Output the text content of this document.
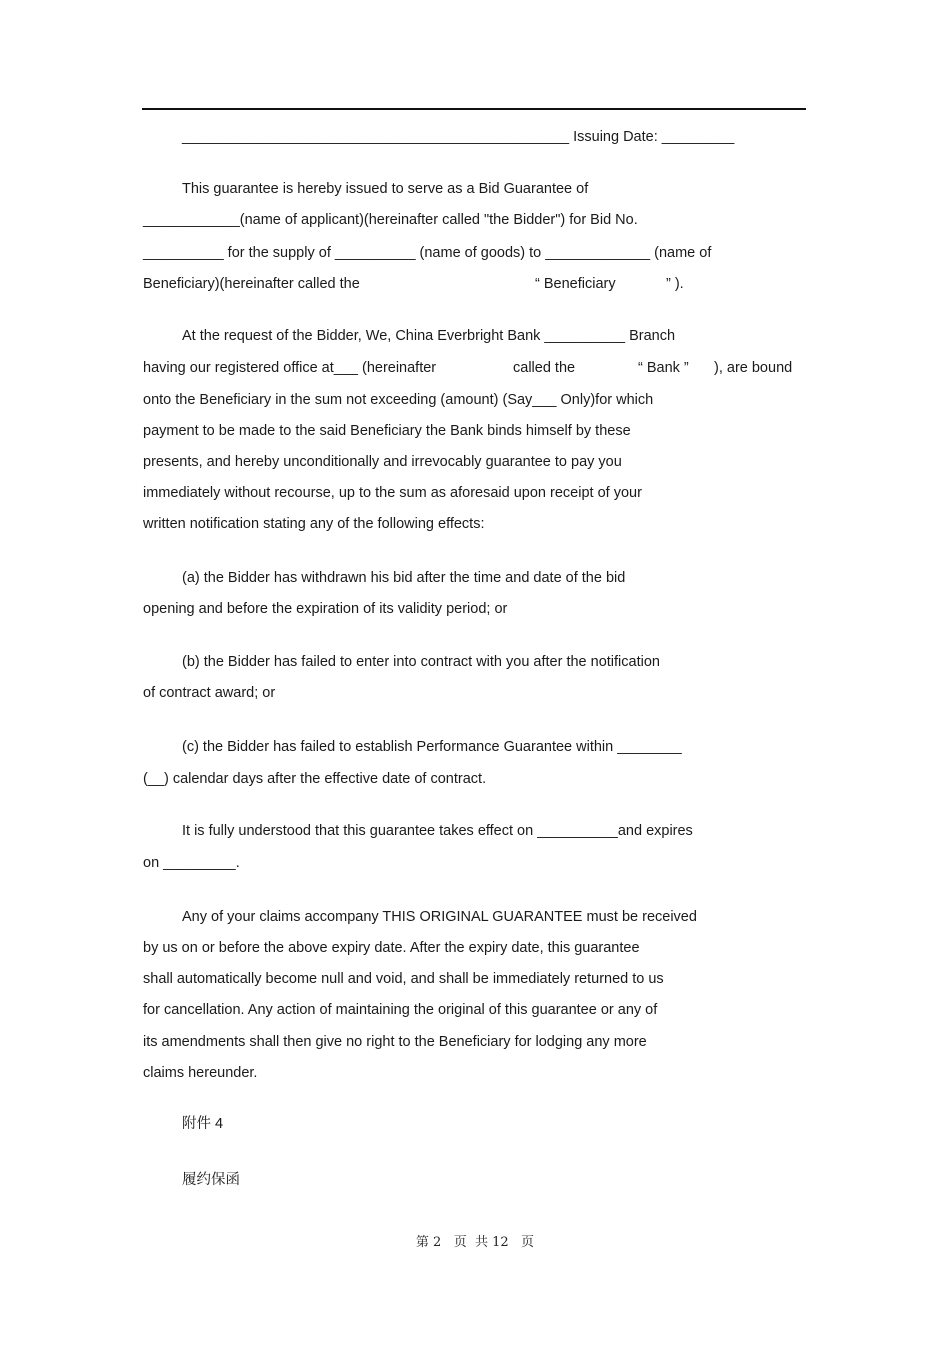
________________________________________________ Issuing Date: _________
This guarantee is hereby issued to serve as a Bid Guarantee of
____________(name of applicant)(hereinafter called "the Bidder") for Bid No.
__________ for the supply of __________ (name of goods) to _____________ (name of
Beneficiary)(hereinafter called the	“ Beneficiary	” ).
At the request of the Bidder, We, China Everbright Bank __________ Branch
having our registered office at___ (hereinafter	called the	“ Bank ” ), are bound
onto the Beneficiary in the sum not exceeding (amount) (Say___ Only)for which
payment to be made to the said Beneficiary the Bank binds himself by these
presents, and hereby unconditionally and irrevocably guarantee to pay you
immediately without recourse, up to the sum as aforesaid upon receipt of your
written notification stating any of the following effects:
(a) the Bidder has withdrawn his bid after the time and date of the bid
opening and before the expiration of its validity period; or
(b) the Bidder has failed to enter into contract with you after the notification
of contract award; or
(c) the Bidder has failed to establish Performance Guarantee within ________
(__) calendar days after the effective date of contract.
It is fully understood that this guarantee takes effect on __________and expires
on _________.
Any of your claims accompany THIS ORIGINAL GUARANTEE must be received
by us on or before the above expiry date. After the expiry date, this guarantee
shall automatically become null and void, and shall be immediately returned to us
for cancellation. Any action of maintaining the original of this guarantee or any of
its amendments shall then give no right to the Beneficiary for lodging any more
claims hereunder.
附件 4
履约保函
第 2   页  共 12   页
